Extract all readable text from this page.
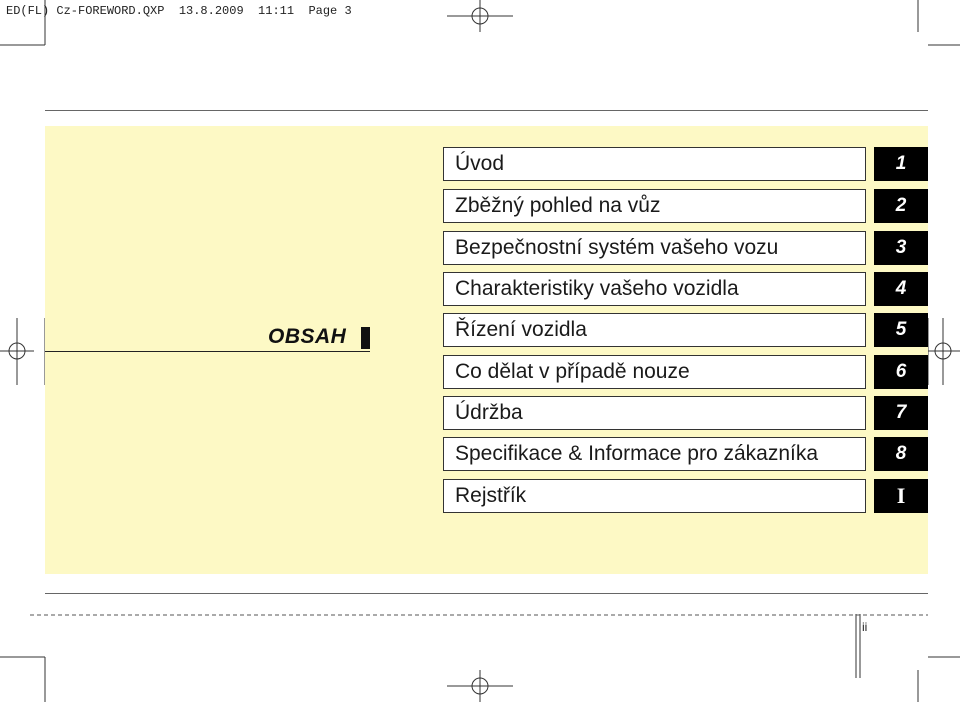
ED(FL) Cz-FOREWORD.QXP  13.8.2009  11:11  Page 3
OBSAH
Úvod	1
Zběžný pohled na vůz	2
Bezpečnostní systém vašeho vozu	3
Charakteristiky vašeho vozidla	4
Řízení vozidla	5
Co dělat v případě nouze	6
Údržba	7
Specifikace & Informace pro zákazníka	8
Rejstřík	I
ii
